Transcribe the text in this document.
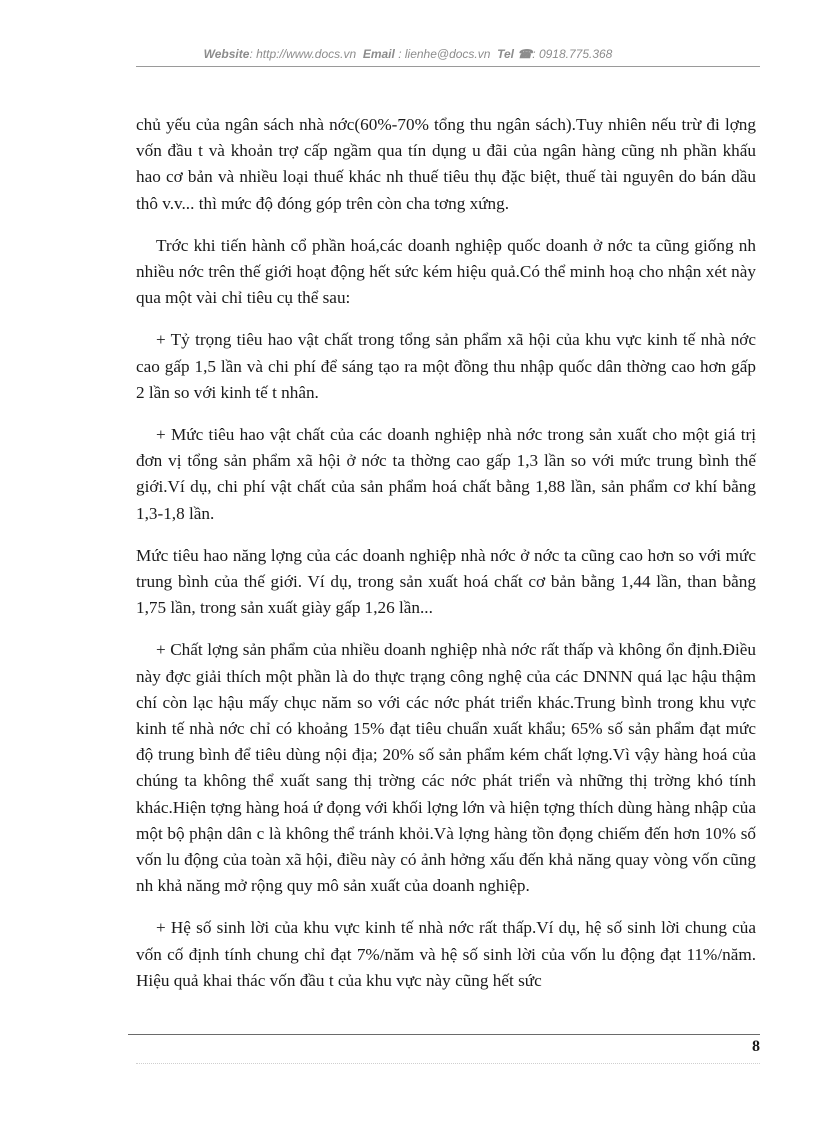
Website: http://www.docs.vn Email : lienhe@docs.vn Tel ☎: 0918.775.368

chủ yếu của ngân sách nhà nớc(60%-70% tổng thu ngân sách).Tuy nhiên nếu trừ đi lợng vốn đầu t và khoản trợ cấp ngầm qua tín dụng u đãi của ngân hàng cũng nh phần khấu hao cơ bản và nhiều loại thuế khác nh thuế tiêu thụ đặc biệt, thuế tài nguyên do bán dầu thô v.v... thì mức độ đóng góp trên còn cha tơng xứng.

Trớc khi tiến hành cổ phần hoá,các doanh nghiệp quốc doanh ở nớc ta cũng giống nh nhiều nớc trên thế giới hoạt động hết sức kém hiệu quả.Có thể minh hoạ cho nhận xét này qua một vài chỉ tiêu cụ thể sau:

+ Tỷ trọng tiêu hao vật chất trong tổng sản phẩm xã hội của khu vực kinh tế nhà nớc cao gấp 1,5 lần và chi phí để sáng tạo ra một đồng thu nhập quốc dân thờng cao hơn gấp 2 lần so với kinh tế t nhân.

+ Mức tiêu hao vật chất của các doanh nghiệp nhà nớc trong sản xuất cho một giá trị đơn vị tổng sản phẩm xã hội ở nớc ta thờng cao gấp 1,3 lần so với mức trung bình thế giới.Ví dụ, chi phí vật chất của sản phẩm hoá chất bằng 1,88 lần, sản phẩm cơ khí bằng 1,3-1,8 lần.

Mức tiêu hao năng lợng của các doanh nghiệp nhà nớc ở nớc ta cũng cao hơn so với mức trung bình của thế giới. Ví dụ, trong sản xuất hoá chất cơ bản bằng 1,44 lần, than bằng 1,75 lần, trong sản xuất giày gấp 1,26 lần...

+ Chất lợng sản phẩm của nhiều doanh nghiệp nhà nớc rất thấp và không ổn định.Điều này đợc giải thích một phần là do thực trạng công nghệ của các DNNN quá lạc hậu thậm chí còn lạc hậu mấy chục năm so với các nớc phát triển khác.Trung bình trong khu vực kinh tế nhà nớc chỉ có khoảng 15% đạt tiêu chuẩn xuất khẩu; 65% số sản phẩm đạt mức độ trung bình để tiêu dùng nội địa; 20% số sản phẩm kém chất lợng.Vì vậy hàng hoá của chúng ta không thể xuất sang thị trờng các nớc phát triển và những thị trờng khó tính khác.Hiện tợng hàng hoá ứ đọng với khối lợng lớn và hiện tợng thích dùng hàng nhập của một bộ phận dân c là không thể tránh khỏi.Và lợng hàng tồn đọng chiếm đến hơn 10% số vốn lu động của toàn xã hội, điều này có ảnh hởng xấu đến khả năng quay vòng vốn cũng nh khả năng mở rộng quy mô sản xuất của doanh nghiệp.

+ Hệ số sinh lời của khu vực kinh tế nhà nớc rất thấp.Ví dụ, hệ số sinh lời chung của vốn cố định tính chung chỉ đạt 7%/năm và hệ số sinh lời của vốn lu động đạt 11%/năm. Hiệu quả khai thác vốn đầu t của khu vực này cũng hết sức

8
